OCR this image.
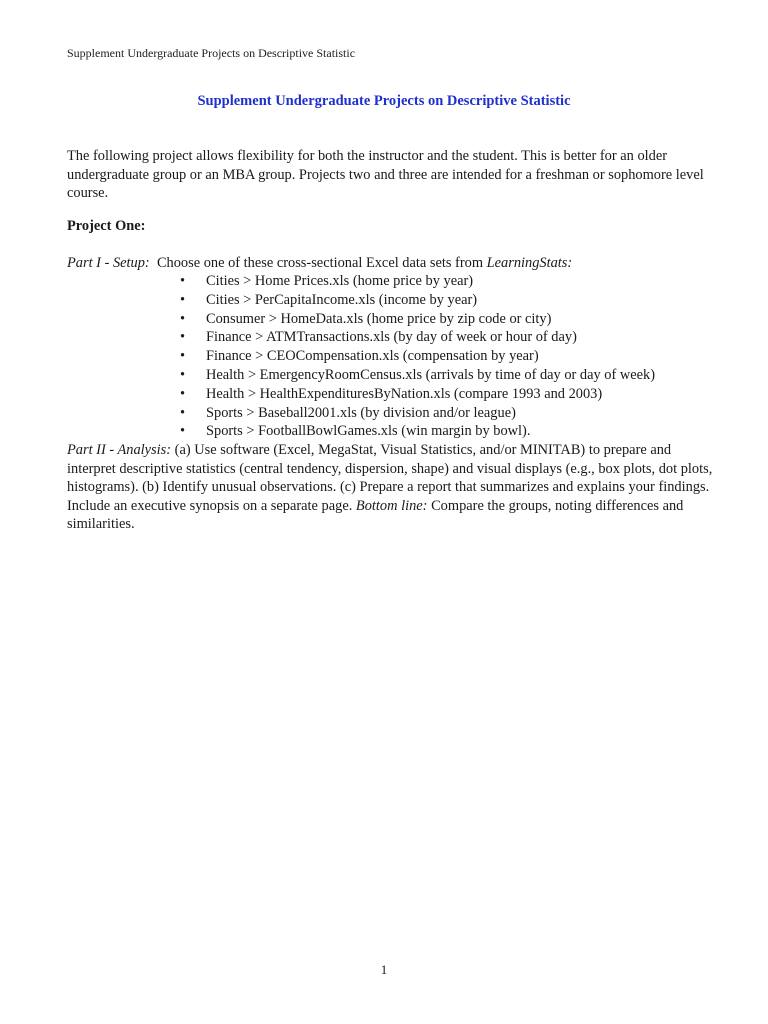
Supplement Undergraduate Projects on Descriptive Statistic
Supplement Undergraduate Projects on Descriptive Statistic

The following project allows flexibility for both the instructor and the student. This is better for an older undergraduate group or an MBA group. Projects two and three are intended for a freshman or sophomore level course.

Project One:
Part I - Setup: Choose one of these cross-sectional Excel data sets from LearningStats:
• Cities > Home Prices.xls (home price by year)
• Cities > PerCapitaIncome.xls (income by year)
• Consumer > HomeData.xls (home price by zip code or city)
• Finance > ATMTransactions.xls (by day of week or hour of day)
• Finance > CEOCompensation.xls (compensation by year)
• Health > EmergencyRoomCensus.xls (arrivals by time of day or day of week)
• Health > HealthExpendituresByNation.xls (compare 1993 and 2003)
• Sports > Baseball2001.xls (by division and/or league)
• Sports > FootballBowlGames.xls (win margin by bowl).

Part II - Analysis: (a) Use software (Excel, MegaStat, Visual Statistics, and/or MINITAB) to prepare and interpret descriptive statistics (central tendency, dispersion, shape) and visual displays (e.g., box plots, dot plots, histograms). (b) Identify unusual observations. (c) Prepare a report that summarizes and explains your findings. Include an executive synopsis on a separate page. Bottom line: Compare the groups, noting differences and similarities.

1
